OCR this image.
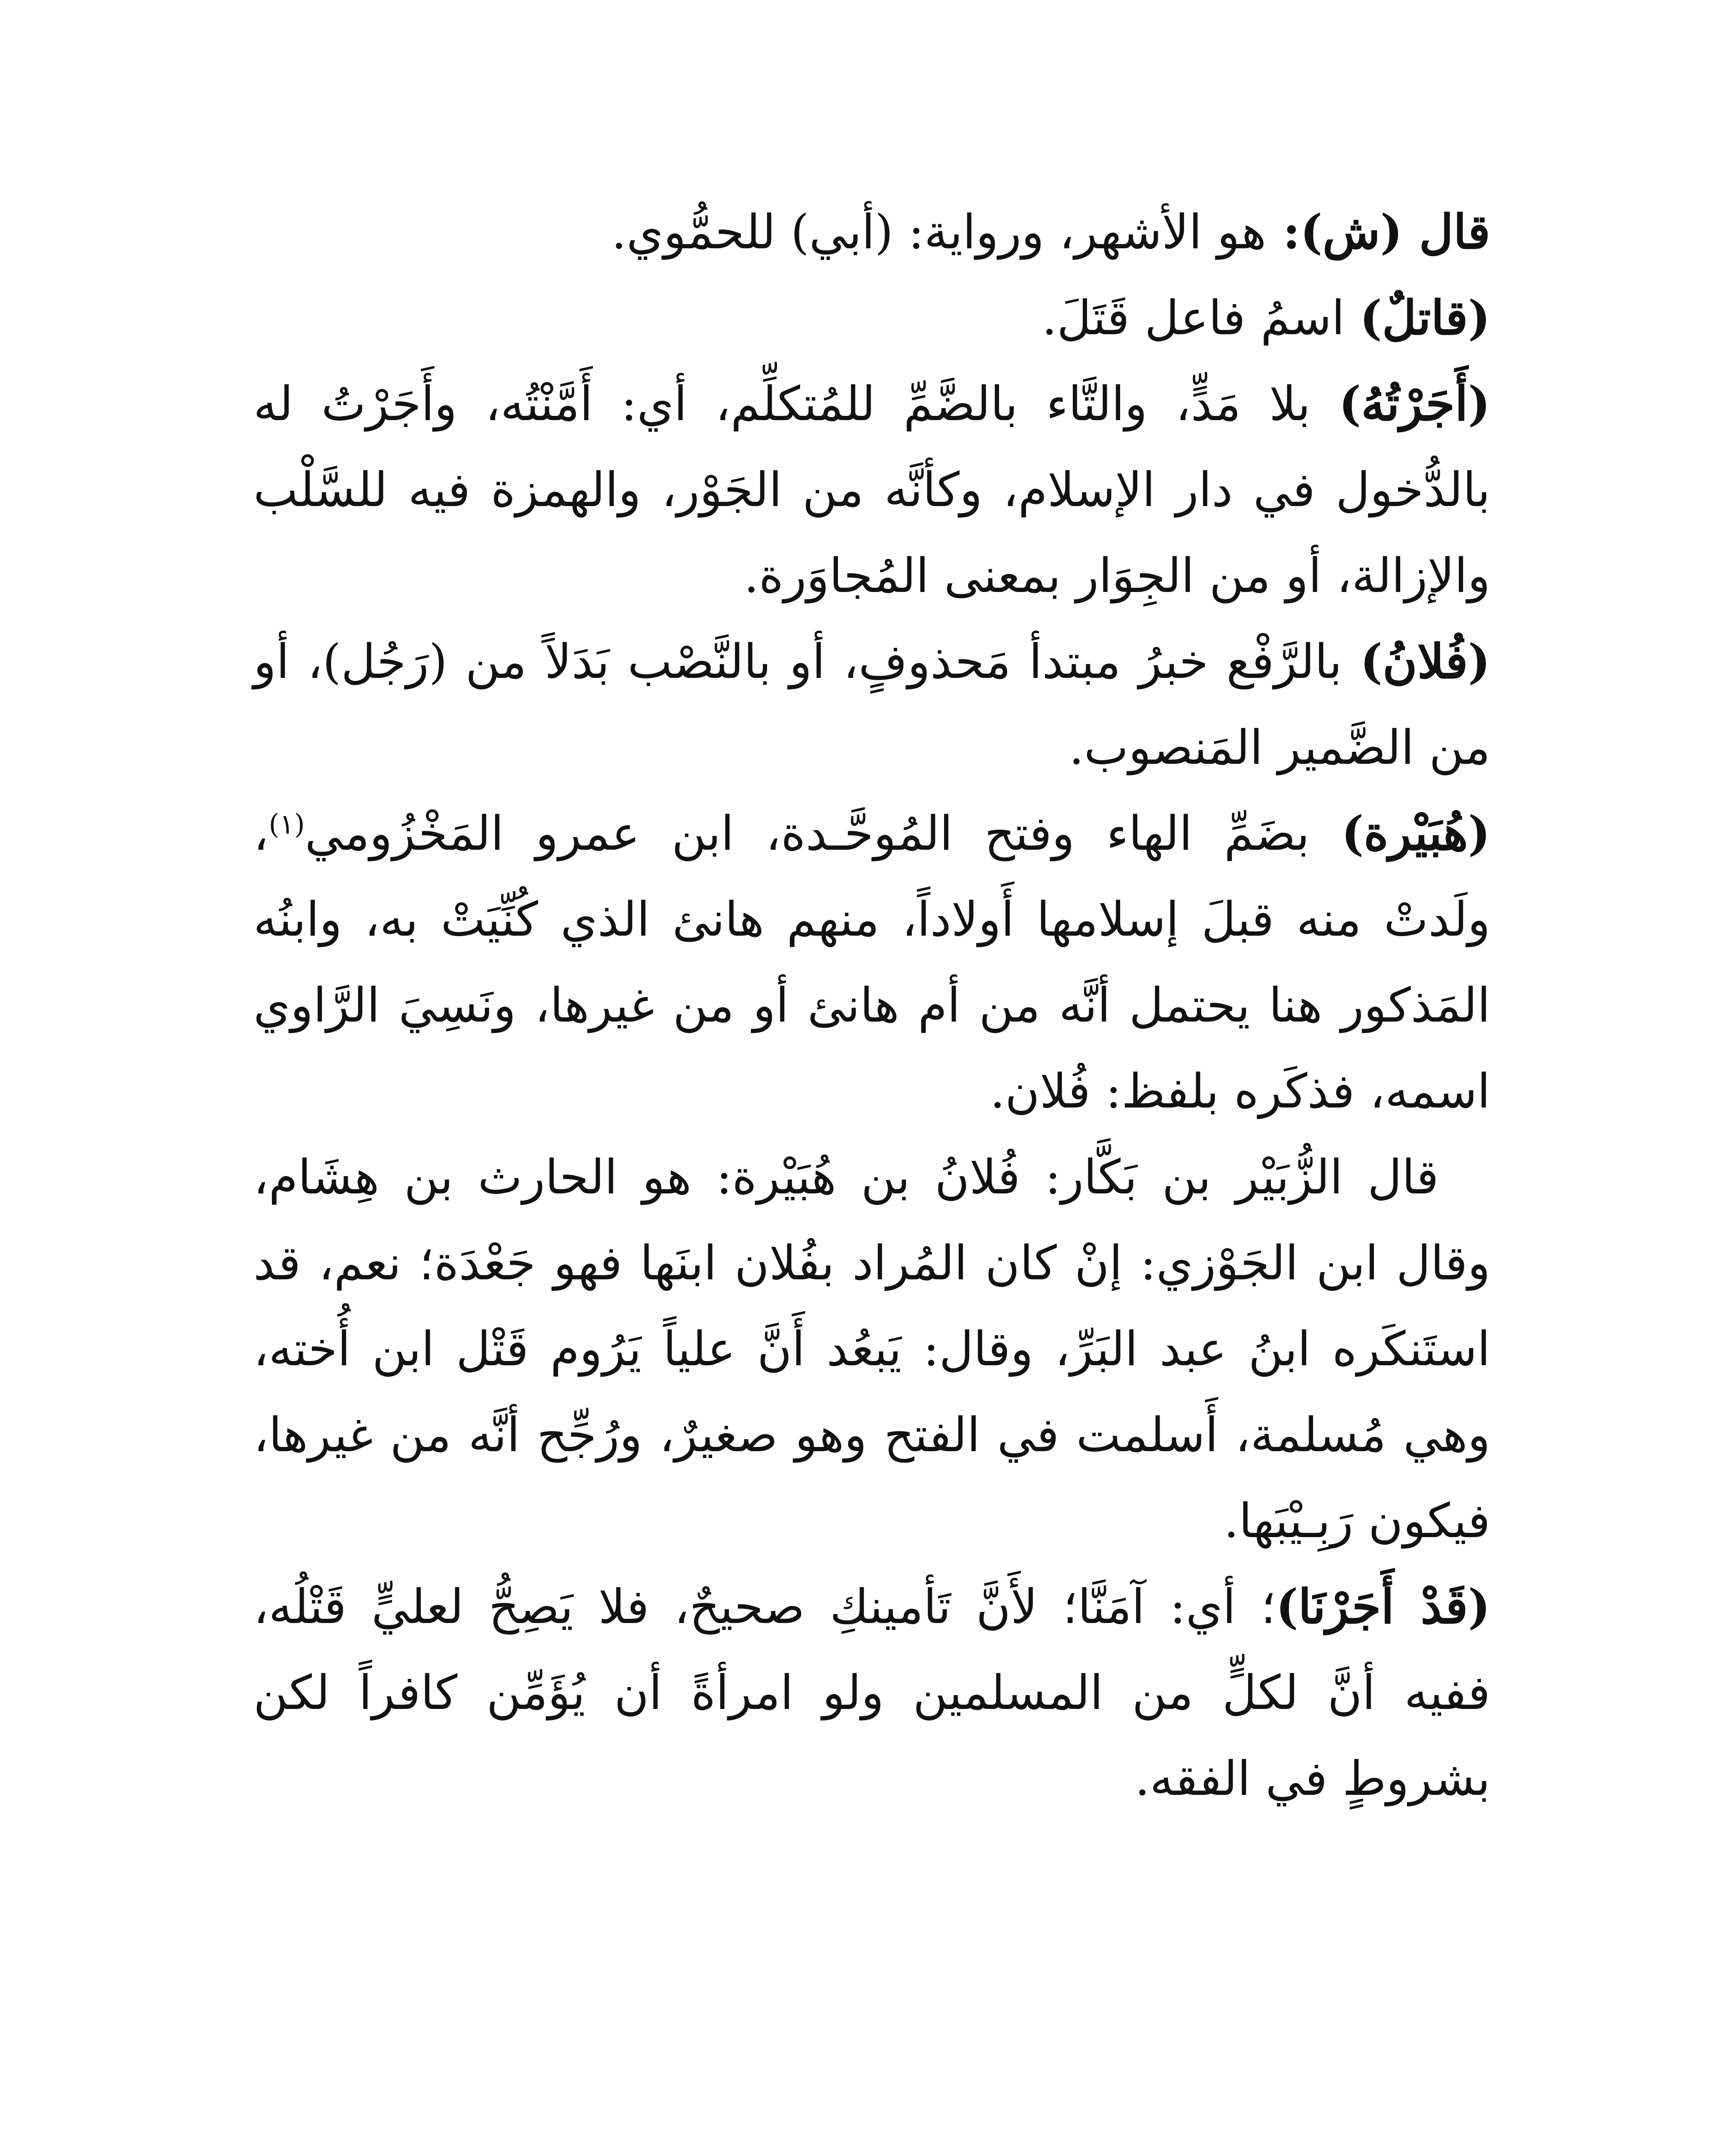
قال (ش): هو الأشهر، ورواية: (أبي) للحمُّوي.

(قاتلٌ) اسمُ فاعل قَتَلَ.

(أَجَرْتُهُ) بلا مَدٍّ، والتَّاء بالضَّمِّ للمُتكلِّم، أي: أَمَّنْتُه، وأَجَرْتُ له بالدُّخول في دار الإسلام، وكأنَّه من الجَوْر، والهمزة فيه للسَّلْب والإزالة، أو من الجِوَار بمعنى المُجاوَرة.

(فُلانُ) بالرَّفْع خبرُ مبتدأ مَحذوفٍ، أو بالنَّصْب بَدَلاً من (رَجُل)، أو من الضَّمير المَنصوب.

(هُبَيْرة) بضَمِّ الهاء وفتح المُوحَّـدة، ابن عمرو المَخْزُومي$^{(١)}$، ولَدتْ منه قبلَ إسلامها أَولاداً، منهم هانئ الذي كُنِّيَتْ به، وابنُه المَذكور هنا يحتمل أنَّه من أم هانئ أو من غيرها، ونَسِيَ الرَّاوي اسمه، فذكَره بلفظ: فُلان.

قال الزُّبَيْر بن بَكَّار: فُلانُ بن هُبَيْرة: هو الحارث بن هِشَام، وقال ابن الجَوْزي: إنْ كان المُراد بفُلان ابنَها فهو جَعْدَة؛ نعم، قد استَنكَره ابنُ عبد البَرِّ، وقال: يَبعُد أَنَّ علياً يَرُوم قَتْل ابن أُخته، وهي مُسلمة، أَسلمت في الفتح وهو صغيرٌ، ورُجِّح أنَّه من غيرها، فيكون رَبِـيْبَها.

(قَدْ أَجَرْنَا)؛ أي: آمَنَّا؛ لأَنَّ تَأمينكِ صحيحٌ، فلا يَصِحُّ لعليٍّ قَتْلُه، ففيه أنَّ لكلٍّ من المسلمين ولو امرأةً أن يُؤَمِّن كافراً لكن بشروطٍ في الفقه.
